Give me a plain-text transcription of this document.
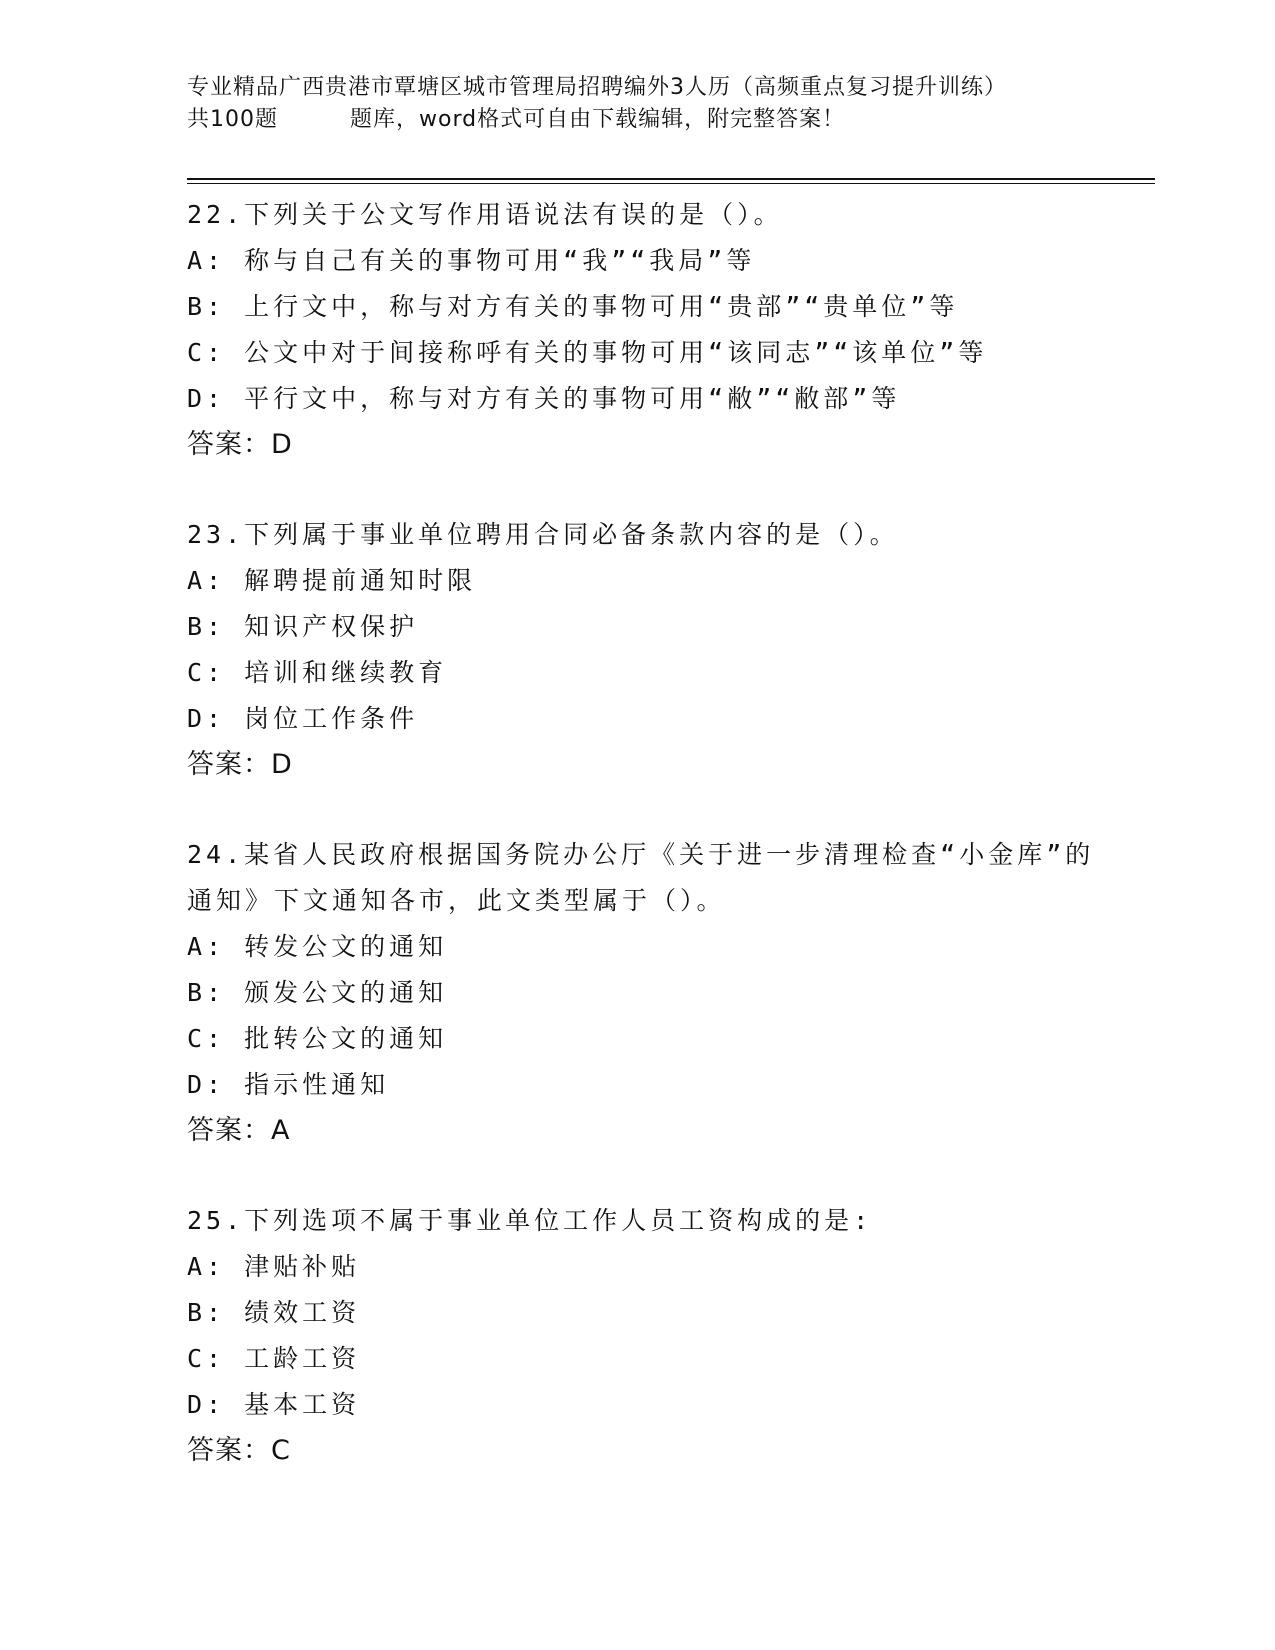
专业精品广西贵港市覃塘区城市管理局招聘编外3人历（高频重点复习提升训练）
共100题	题库，word格式可自由下载编辑，附完整答案！
22.下列关于公文写作用语说法有误的是（）。
A: 称与自己有关的事物可用“我”“我局”等
B: 上行文中，称与对方有关的事物可用“贵部”“贵单位”等
C: 公文中对于间接称呼有关的事物可用“该同志”“该单位”等
D: 平行文中，称与对方有关的事物可用“敝”“敝部”等
答案：D
23.下列属于事业单位聘用合同必备条款内容的是（）。
A: 解聘提前通知时限
B: 知识产权保护
C: 培训和继续教育
D: 岗位工作条件
答案：D
24.某省人民政府根据国务院办公厅《关于进一步清理检查“小金库”的通知》下文通知各市，此文类型属于（）。
A: 转发公文的通知
B: 颁发公文的通知
C: 批转公文的通知
D: 指示性通知
答案：A
25.下列选项不属于事业单位工作人员工资构成的是:
A: 津贴补贴
B: 绩效工资
C: 工龄工资
D: 基本工资
答案：C
